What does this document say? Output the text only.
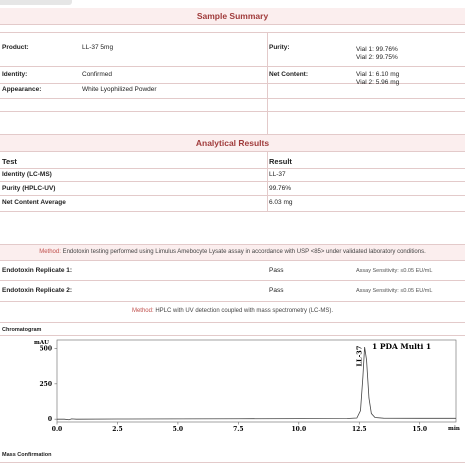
Sample Summary
Product:	LL-37 5mg	Purity:	Vial 1: 99.76%
Vial 2: 99.75%
Identity:	Confirmed	Net Content:	Vial 1: 6.10 mg
Vial 2: 5.96 mg
Appearance:	White Lyophilized Powder
Analytical Results
Test	Result
Identity (LC-MS)	LL-37
Purity (HPLC-UV)	99.76%
Net Content Average	6.03 mg
Method: Endotoxin testing performed using Limulus Amebocyte Lysate assay in accordance with USP <85> under validated laboratory conditions.
Endotoxin Replicate 1:	Pass	Assay Sensitivity: ≤0.05 EU/mL
Endotoxin Replicate 2:	Pass	Assay Sensitivity: ≤0.05 EU/mL
Method: HPLC with UV detection coupled with mass spectrometry (LC-MS).
Chromatogram
0.0	2.5	5.0	7.5	10.0	12.5	15.0
0
250
500
mAU
min
1 PDA Multi 1
LL-37
Mass Confirmation
